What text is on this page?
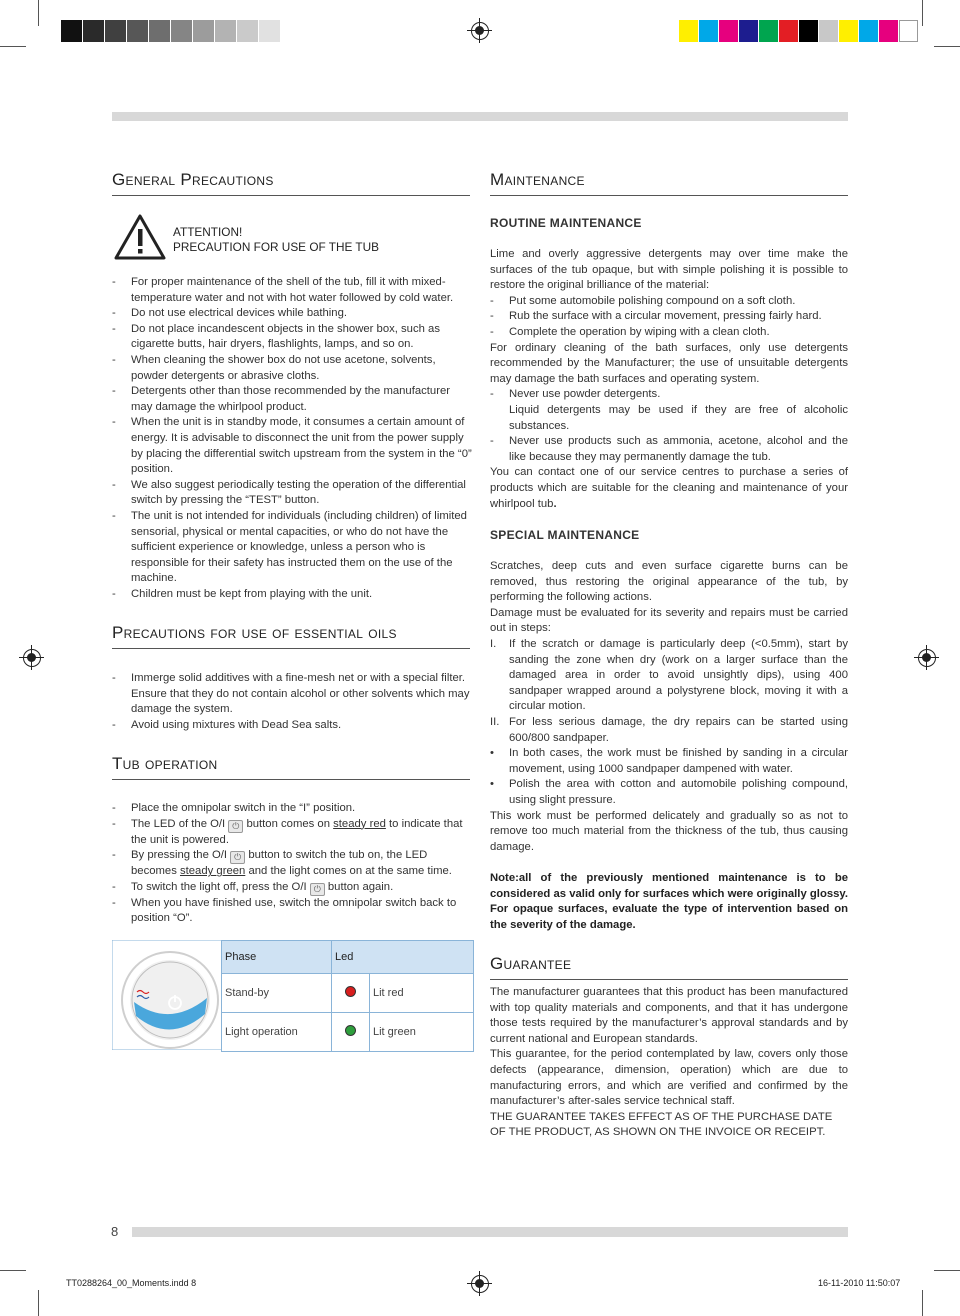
General Precautions
ATTENTION!
PRECAUTION FOR USE OF THE TUB
- For proper maintenance of the shell of the tub, fill it with mixed-temperature water and not with hot water followed by cold water.
- Do not use electrical devices while bathing.
- Do not place incandescent objects in the shower box, such as cigarette butts, hair dryers, flashlights, lamps, and so on.
- When cleaning the shower box do not use acetone, solvents, powder detergents or abrasive cloths.
- Detergents other than those recommended by the manufacturer may damage the whirlpool product.
- When the unit is in standby mode, it consumes a certain amount of energy. It is advisable to disconnect the unit from the power supply by placing the differential switch upstream from the system in the “0” position.
- We also suggest periodically testing the operation of the differential switch by pressing the “TEST” button.
- The unit is not intended for individuals (including children) of limited sensorial, physical or mental capacities, or who do not have the sufficient experience or knowledge, unless a person who is responsible for their safety has instructed them on the use of the machine.
- Children must be kept from playing with the unit.
Precautions for use of essential oils
- Immerge solid additives with a fine-mesh net or with a special filter. Ensure that they do not contain alcohol or other solvents which may damage the system.
- Avoid using mixtures with Dead Sea salts.
Tub operation
- Place the omnipolar switch in the “I” position.
- The LED of the O/I ⏻ button comes on steady red to indicate that the unit is powered.
- By pressing the O/I ⏻ button to switch the tub on, the LED becomes steady green and the light comes on at the same time.
- To switch the light off, press the O/I ⏻ button again.
- When you have finished use, switch the omnipolar switch back to position “O”.
Phase	Led	
Stand-by		Lit red
Light operation		Lit green
Maintenance
ROUTINE MAINTENANCE

Lime and overly aggressive detergents may over time make the surfaces of the tub opaque, but with simple polishing it is possible to restore the original brilliance of the material:

- Put some automobile polishing compound on a soft cloth.
- Rub the surface with a circular movement, pressing fairly hard.
- Complete the operation by wiping with a clean cloth.

For ordinary cleaning of the bath surfaces, only use detergents recommended by the Manufacturer; the use of unsuitable detergents may damage the bath surfaces and operating system.

- Never use powder detergents.
Liquid detergents may be used if they are free of alcoholic substances.
- Never use products such as ammonia, acetone, alcohol and the like because they may permanently damage the tub.

You can contact one of our service centres to purchase a series of products which are suitable for the cleaning and maintenance of your whirlpool tub.

SPECIAL MAINTENANCE

Scratches, deep cuts and even surface cigarette burns can be removed, thus restoring the original appearance of the tub, by performing the following actions.

Damage must be evaluated for its severity and repairs must be carried out in steps:

I. If the scratch or damage is particularly deep (<0.5mm), start by sanding the zone when dry (work on a larger surface than the damaged area in order to avoid unsightly dips), using 400 sandpaper wrapped around a polystyrene block, moving it with a circular motion.
II. For less serious damage, the dry repairs can be started using 600/800 sandpaper.
• In both cases, the work must be finished by sanding in a circular movement, using 1000 sandpaper dampened with water.
• Polish the area with cotton and automobile polishing compound, using slight pressure.

This work must be performed delicately and gradually so as not to remove too much material from the thickness of the tub, thus causing damage.

Note:all of the previously mentioned maintenance is to be considered as valid only for surfaces which were originally glossy. For opaque surfaces, evaluate the type of intervention based on the severity of the damage.

Guarantee

The manufacturer guarantees that this product has been manufactured with top quality materials and components, and that it has undergone those tests required by the manufacturer’s approval standards and by current national and European standards.

This guarantee, for the period contemplated by law, covers only those defects (appearance, dimension, operation) which are due to manufacturing errors, and which are verified and confirmed by the manufacturer’s after-sales service technical staff.

THE GUARANTEE TAKES EFFECT AS OF THE PURCHASE DATE OF THE PRODUCT, AS SHOWN ON THE INVOICE OR RECEIPT.

8
TT0288264_00_Moments.indd 8	16-11-2010 11:50:07
